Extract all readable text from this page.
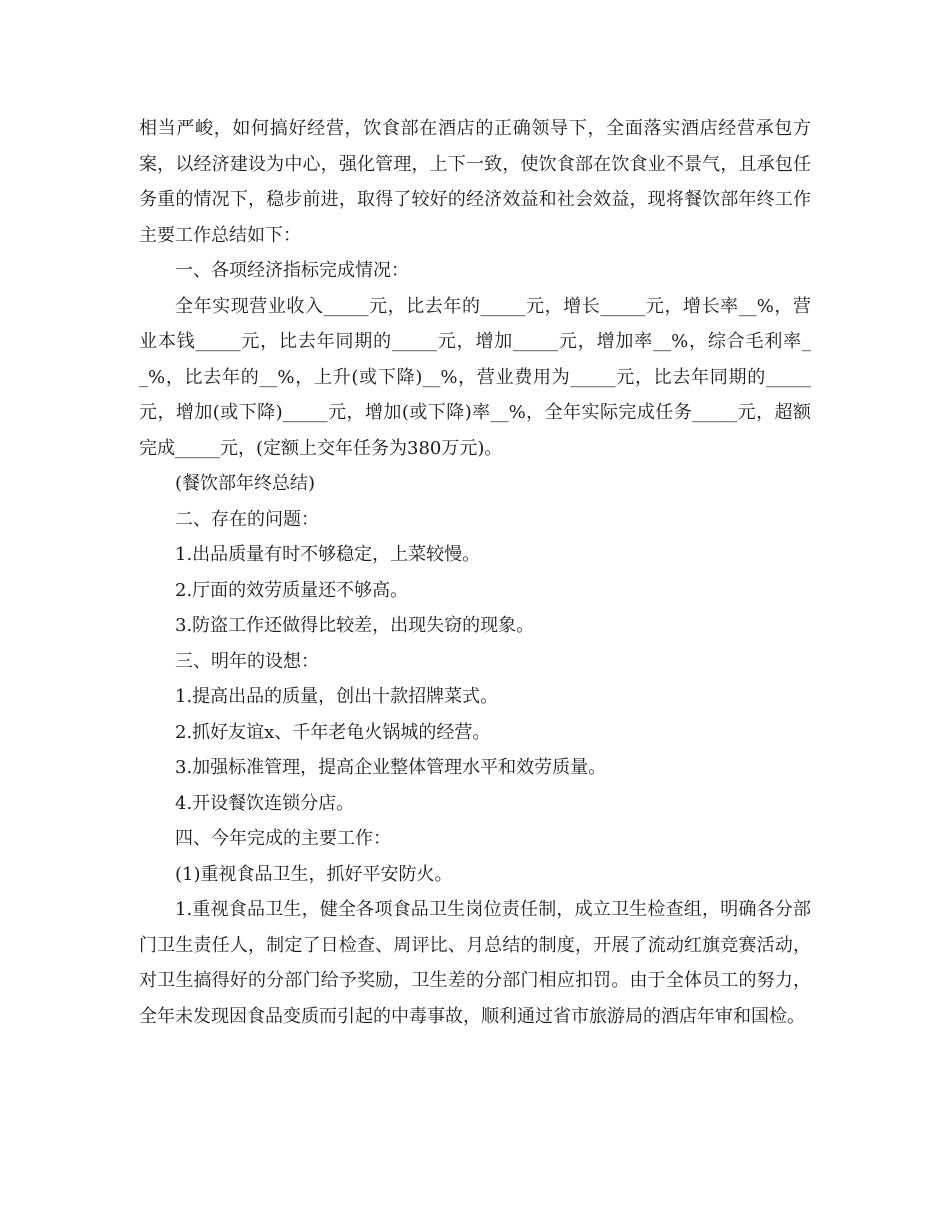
相当严峻，如何搞好经营，饮食部在酒店的正确领导下，全面落实酒店经营承包方案，以经济建设为中心，强化管理，上下一致，使饮食部在饮食业不景气，且承包任务重的情况下，稳步前进，取得了较好的经济效益和社会效益，现将餐饮部年终工作主要工作总结如下：

一、各项经济指标完成情况：

全年实现营业收入_____元，比去年的_____元，增长_____元，增长率__%，营业本钱_____元，比去年同期的_____元，增加_____元，增加率__%，综合毛利率__%，比去年的__%，上升(或下降)__%，营业费用为_____元，比去年同期的_____元，增加(或下降)_____元，增加(或下降)率__%，全年实际完成任务_____元，超额完成_____元，(定额上交年任务为380万元)。

(餐饮部年终总结)

二、存在的问题：

1.出品质量有时不够稳定，上菜较慢。

2.厅面的效劳质量还不够高。

3.防盗工作还做得比较差，出现失窃的现象。

三、明年的设想：

1.提高出品的质量，创出十款招牌菜式。

2.抓好友谊x、千年老龟火锅城的经营。

3.加强标准管理，提高企业整体管理水平和效劳质量。

4.开设餐饮连锁分店。

四、今年完成的主要工作：

(1)重视食品卫生，抓好平安防火。

1.重视食品卫生，健全各项食品卫生岗位责任制，成立卫生检查组，明确各分部门卫生责任人，制定了日检查、周评比、月总结的制度，开展了流动红旗竞赛活动，对卫生搞得好的分部门给予奖励，卫生差的分部门相应扣罚。由于全体员工的努力，全年未发现因食品变质而引起的中毒事故，顺利通过省市旅游局的酒店年审和国检。
